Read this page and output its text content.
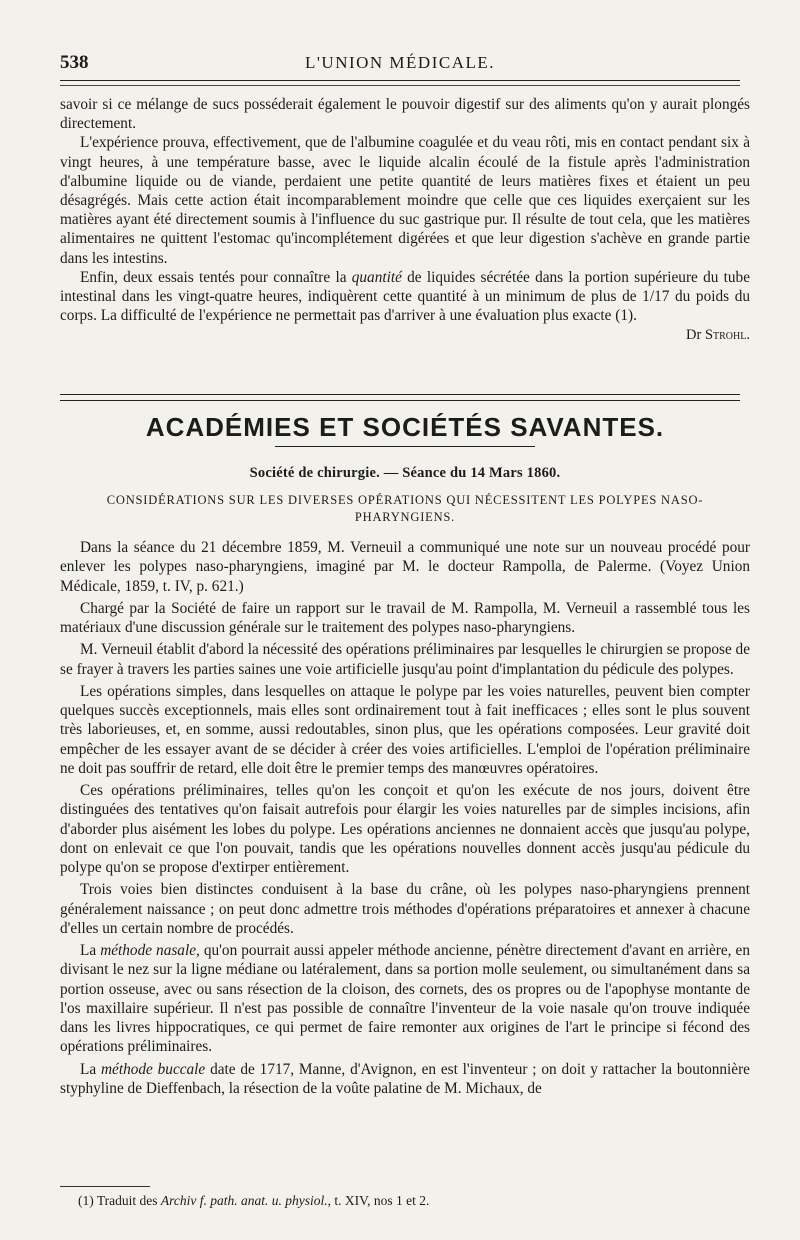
538	L'UNION MÉDICALE.

savoir si ce mélange de sucs posséderait également le pouvoir digestif sur des aliments qu'on y aurait plongés directement.

L'expérience prouva, effectivement, que de l'albumine coagulée et du veau rôti, mis en contact pendant six à vingt heures, à une température basse, avec le liquide alcalin écoulé de la fistule après l'administration d'albumine liquide ou de viande, perdaient une petite quantité de leurs matières fixes et étaient un peu désagrégés. Mais cette action était incomparablement moindre que celle que ces liquides exerçaient sur les matières ayant été directement soumis à l'influence du suc gastrique pur. Il résulte de tout cela, que les matières alimentaires ne quittent l'estomac qu'incomplétement digérées et que leur digestion s'achève en grande partie dans les intestins.

Enfin, deux essais tentés pour connaître la quantité de liquides sécrétée dans la portion supérieure du tube intestinal dans les vingt-quatre heures, indiquèrent cette quantité à un minimum de plus de 1/17 du poids du corps. La difficulté de l'expérience ne permettait pas d'arriver à une évaluation plus exacte (1).

Dr Strohl.

ACADÉMIES ET SOCIÉTÉS SAVANTES.
Société de chirurgie. — Séance du 14 Mars 1860.
CONSIDÉRATIONS SUR LES DIVERSES OPÉRATIONS QUI NÉCESSITENT LES POLYPES NASO-PHARYNGIENS.

Dans la séance du 21 décembre 1859, M. Verneuil a communiqué une note sur un nouveau procédé pour enlever les polypes naso-pharyngiens, imaginé par M. le docteur Rampolla, de Palerme. (Voyez Union Médicale, 1859, t. IV, p. 621.)

Chargé par la Société de faire un rapport sur le travail de M. Rampolla, M. Verneuil a rassemblé tous les matériaux d'une discussion générale sur le traitement des polypes naso-pharyngiens.

M. Verneuil établit d'abord la nécessité des opérations préliminaires par lesquelles le chirurgien se propose de se frayer à travers les parties saines une voie artificielle jusqu'au point d'implantation du pédicule des polypes.

Les opérations simples, dans lesquelles on attaque le polype par les voies naturelles, peuvent bien compter quelques succès exceptionnels, mais elles sont ordinairement tout à fait inefficaces ; elles sont le plus souvent très laborieuses, et, en somme, aussi redoutables, sinon plus, que les opérations composées. Leur gravité doit empêcher de les essayer avant de se décider à créer des voies artificielles. L'emploi de l'opération préliminaire ne doit pas souffrir de retard, elle doit être le premier temps des manœuvres opératoires.

Ces opérations préliminaires, telles qu'on les conçoit et qu'on les exécute de nos jours, doivent être distinguées des tentatives qu'on faisait autrefois pour élargir les voies naturelles par de simples incisions, afin d'aborder plus aisément les lobes du polype. Les opérations anciennes ne donnaient accès que jusqu'au polype, dont on enlevait ce que l'on pouvait, tandis que les opérations nouvelles donnent accès jusqu'au pédicule du polype qu'on se propose d'extirper entièrement.

Trois voies bien distinctes conduisent à la base du crâne, où les polypes naso-pharyngiens prennent généralement naissance ; on peut donc admettre trois méthodes d'opérations préparatoires et annexer à chacune d'elles un certain nombre de procédés.

La méthode nasale, qu'on pourrait aussi appeler méthode ancienne, pénètre directement d'avant en arrière, en divisant le nez sur la ligne médiane ou latéralement, dans sa portion molle seulement, ou simultanément dans sa portion osseuse, avec ou sans résection de la cloison, des cornets, des os propres ou de l'apophyse montante de l'os maxillaire supérieur. Il n'est pas possible de connaître l'inventeur de la voie nasale qu'on trouve indiquée dans les livres hippocratiques, ce qui permet de faire remonter aux origines de l'art le principe si fécond des opérations préliminaires.

La méthode buccale date de 1717, Manne, d'Avignon, en est l'inventeur ; on doit y rattacher la boutonnière styphyline de Dieffenbach, la résection de la voûte palatine de M. Michaux, de

(1) Traduit des Archiv f. path. anat. u. physiol., t. XIV, nos 1 et 2.
